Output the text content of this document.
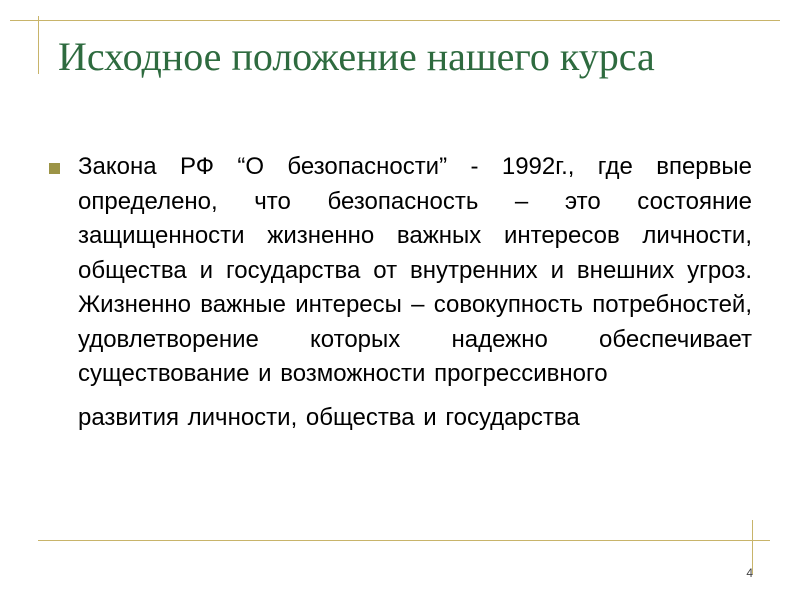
Исходное положение нашего курса
Закона РФ “О безопасности” - 1992г., где впервые определено, что безопасность – это состояние защищенности жизненно важных интересов личности, общества и государства от внутренних и внешних угроз. Жизненно важные интересы – совокупность потребностей, удовлетворение которых надежно обеспечивает существование и возможности прогрессивного
развития личности, общества и государства
4
